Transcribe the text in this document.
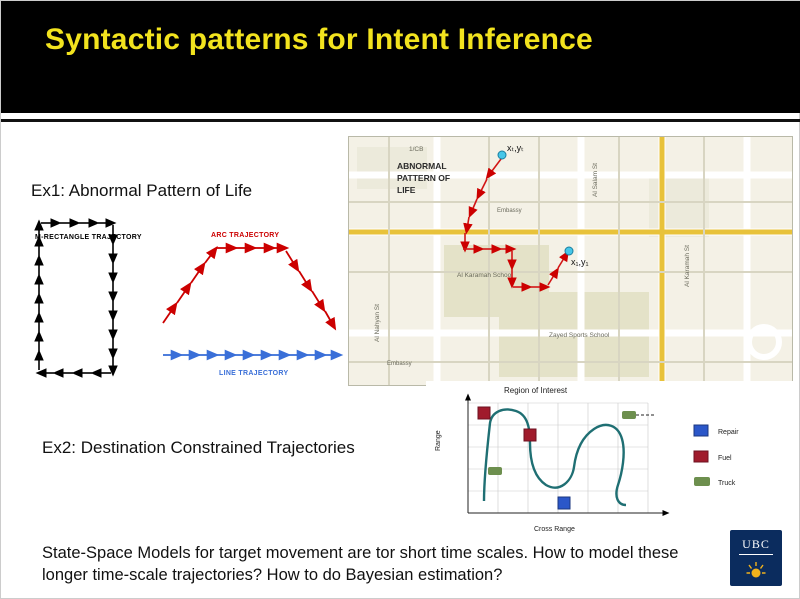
Syntactic patterns for Intent Inference
Ex1: Abnormal Pattern of Life
M-RECTANGLE TRAJECTORY	ARC TRAJECTORY
LINE TRAJECTORY
Al Nahyan St
Al Karamah St
Al Salam St
1/CB
Al Karamah School
Zayed Sports School
Embassy
Embassy
ABNORMAL
PATTERN OF
LIFE
xₜ,yₜ
x₁,y₁
Ex2: Destination Constrained Trajectories
Region of Interest
Range
Cross Range
Repair
Fuel
Truck
State-Space Models for target movement are tor short time scales. How to model these longer time-scale trajectories? How to do Bayesian estimation?
UBC
